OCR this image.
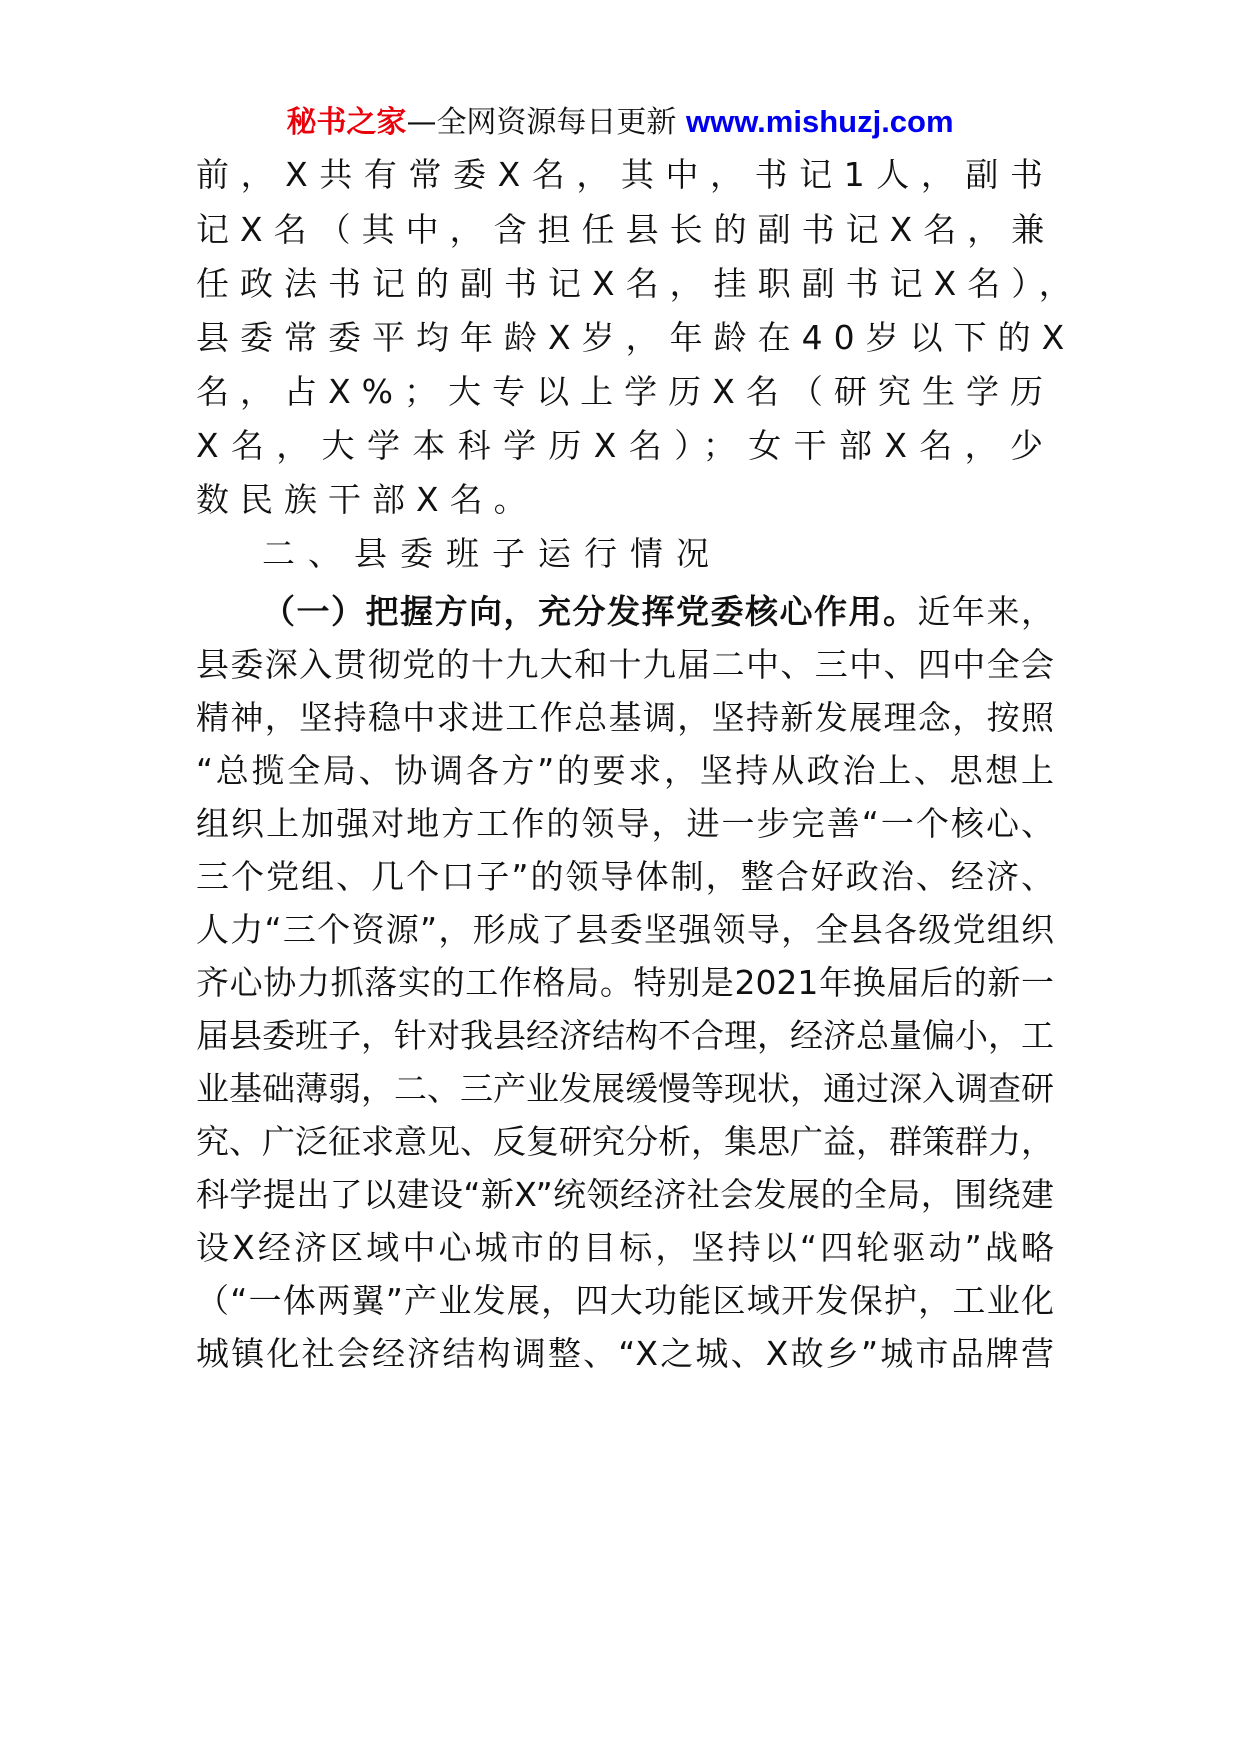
秘书之家—全网资源每日更新 www.mishuzj.com
前，X共有常委X名，其中，书记1人，副书
记X名（其中，含担任县长的副书记X名，兼
任政法书记的副书记X名，挂职副书记X名），
县委常委平均年龄X岁，年龄在40岁以下的X
名，占X%；大专以上学历X名（研究生学历
X名，大学本科学历X名）；女干部X名，少
数民族干部X名。
二、县委班子运行情况
（一）把握方向，充分发挥党委核心作用。近年来，
县委深入贯彻党的十九大和十九届二中、三中、四中全会
精神，坚持稳中求进工作总基调，坚持新发展理念，按照
“总揽全局、协调各方”的要求，坚持从政治上、思想上
组织上加强对地方工作的领导，进一步完善“一个核心、
三个党组、几个口子”的领导体制，整合好政治、经济、
人力“三个资源”，形成了县委坚强领导，全县各级党组织
齐心协力抓落实的工作格局。特别是2021年换届后的新一
届县委班子，针对我县经济结构不合理，经济总量偏小，工
业基础薄弱，二、三产业发展缓慢等现状，通过深入调查研
究、广泛征求意见、反复研究分析，集思广益，群策群力，
科学提出了以建设“新X”统领经济社会发展的全局，围绕建
设X经济区域中心城市的目标，坚持以“四轮驱动”战略
（“一体两翼”产业发展，四大功能区域开发保护，工业化
城镇化社会经济结构调整、“X之城、X故乡”城市品牌营
